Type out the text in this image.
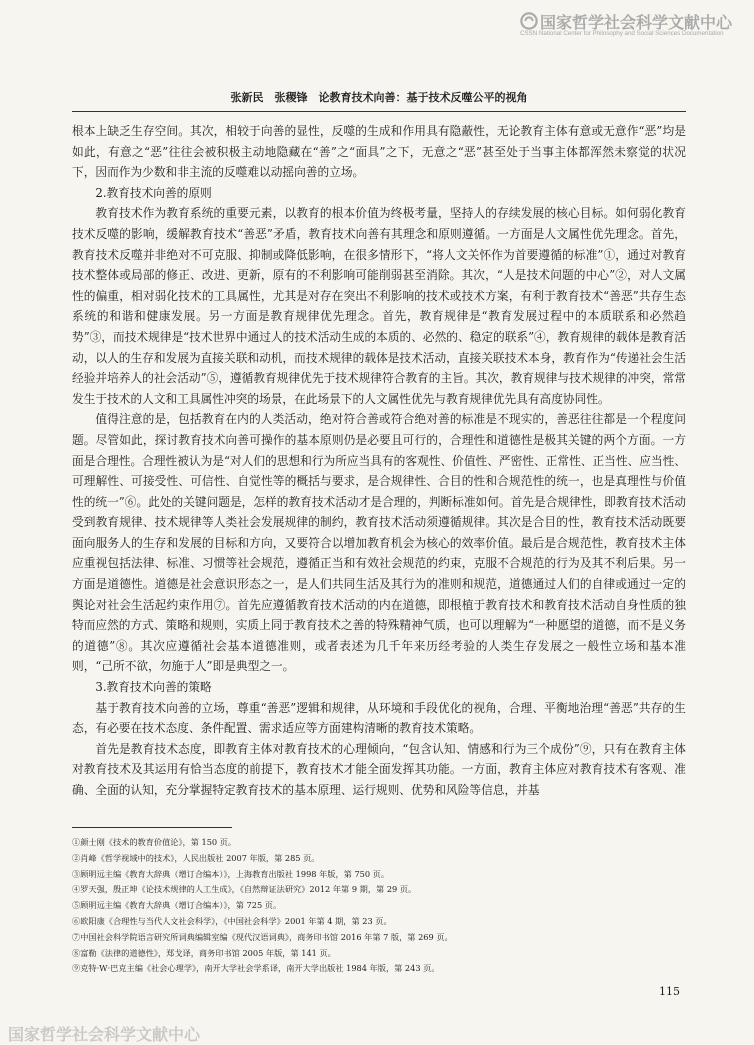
国家哲学社会科学文献中心
CSSN National Center for Philosophy and Social Sciences Documentation
张新民　张稷锋　论教育技术向善：基于技术反噬公平的视角

根本上缺乏生存空间。其次，相较于向善的显性，反噬的生成和作用具有隐蔽性，无论教育主体有意或无意作“恶”均是如此，有意之“恶”往往会被积极主动地隐藏在“善”之“面具”之下，无意之“恶”甚至处于当事主体都浑然未察觉的状况下，因而作为少数和非主流的反噬难以动摇向善的立场。

2.教育技术向善的原则

教育技术作为教育系统的重要元素，以教育的根本价值为终极考量，坚持人的存续发展的核心目标。如何弱化教育技术反噬的影响，缓解教育技术“善恶”矛盾，教育技术向善有其理念和原则遵循。一方面是人文属性优先理念。首先，教育技术反噬并非绝对不可克服、抑制或降低影响，在很多情形下，“将人文关怀作为首要遵循的标准”①，通过对教育技术整体或局部的修正、改进、更新，原有的不利影响可能削弱甚至消除。其次，“人是技术问题的中心”②，对人文属性的偏重，相对弱化技术的工具属性，尤其是对存在突出不利影响的技术或技术方案，有利于教育技术“善恶”共存生态系统的和谐和健康发展。另一方面是教育规律优先理念。首先，教育规律是“教育发展过程中的本质联系和必然趋势”③，而技术规律是“技术世界中通过人的技术活动生成的本质的、必然的、稳定的联系”④，教育规律的载体是教育活动，以人的生存和发展为直接关联和动机，而技术规律的载体是技术活动，直接关联技术本身，教育作为“传递社会生活经验并培养人的社会活动”⑤，遵循教育规律优先于技术规律符合教育的主旨。其次，教育规律与技术规律的冲突，常常发生于技术的人文和工具属性冲突的场景，在此场景下的人文属性优先与教育规律优先具有高度协同性。

值得注意的是，包括教育在内的人类活动，绝对符合善或符合绝对善的标准是不现实的，善恶往往都是一个程度问题。尽管如此，探讨教育技术向善可操作的基本原则仍是必要且可行的，合理性和道德性是极其关键的两个方面。一方面是合理性。合理性被认为是“对人们的思想和行为所应当具有的客观性、价值性、严密性、正常性、正当性、应当性、可理解性、可接受性、可信性、自觉性等的概括与要求，是合规律性、合目的性和合规范性的统一，也是真理性与价值性的统一”⑥。此处的关键问题是，怎样的教育技术活动才是合理的，判断标准如何。首先是合规律性，即教育技术活动受到教育规律、技术规律等人类社会发展规律的制约，教育技术活动须遵循规律。其次是合目的性，教育技术活动既要面向服务人的生存和发展的目标和方向，又要符合以增加教育机会为核心的效率价值。最后是合规范性，教育技术主体应重视包括法律、标准、习惯等社会规范，遵循正当和有效社会规范的约束，克服不合规范的行为及其不利后果。另一方面是道德性。道德是社会意识形态之一，是人们共同生活及其行为的准则和规范，道德通过人们的自律或通过一定的舆论对社会生活起约束作用⑦。首先应遵循教育技术活动的内在道德，即根植于教育技术和教育技术活动自身性质的独特而应然的方式、策略和规则，实质上同于教育技术之善的特殊精神气质，也可以理解为“一种愿望的道德，而不是义务的道德”⑧。其次应遵循社会基本道德准则，或者表述为几千年来历经考验的人类生存发展之一般性立场和基本准则，“己所不欲，勿施于人”即是典型之一。

3.教育技术向善的策略

基于教育技术向善的立场，尊重“善恶”逻辑和规律，从环境和手段优化的视角，合理、平衡地治理“善恶”共存的生态，有必要在技术态度、条件配置、需求适应等方面建构清晰的教育技术策略。

首先是教育技术态度，即教育主体对教育技术的心理倾向，“包含认知、情感和行为三个成份”⑨，只有在教育主体对教育技术及其运用有恰当态度的前提下，教育技术才能全面发挥其功能。一方面，教育主体应对教育技术有客观、准确、全面的认知，充分掌握特定教育技术的基本原理、运行规则、优势和风险等信息，并基

①颜士刚《技术的教育价值论》，第 150 页。
②肖峰《哲学视域中的技术》，人民出版社 2007 年版，第 285 页。
③顾明远主编《教育大辞典（增订合编本）》，上海教育出版社 1998 年版，第 750 页。
④罗天强，殷正坤《论技术规律的人工生成》，《自然辩证法研究》2012 年第 9 期，第 29 页。
⑤顾明远主编《教育大辞典（增订合编本）》，第 725 页。
⑥欧阳康《合理性与当代人文社会科学》，《中国社会科学》2001 年第 4 期，第 23 页。
⑦中国社会科学院语言研究所词典编辑室编《现代汉语词典》，商务印书馆 2016 年第 7 版，第 269 页。
⑧富勒《法律的道德性》，郑戈译，商务印书馆 2005 年版，第 141 页。
⑨克特·W·巴克主编《社会心理学》，南开大学社会学系译，南开大学出版社 1984 年版，第 243 页。
115
国家哲学社会科学文献中心
